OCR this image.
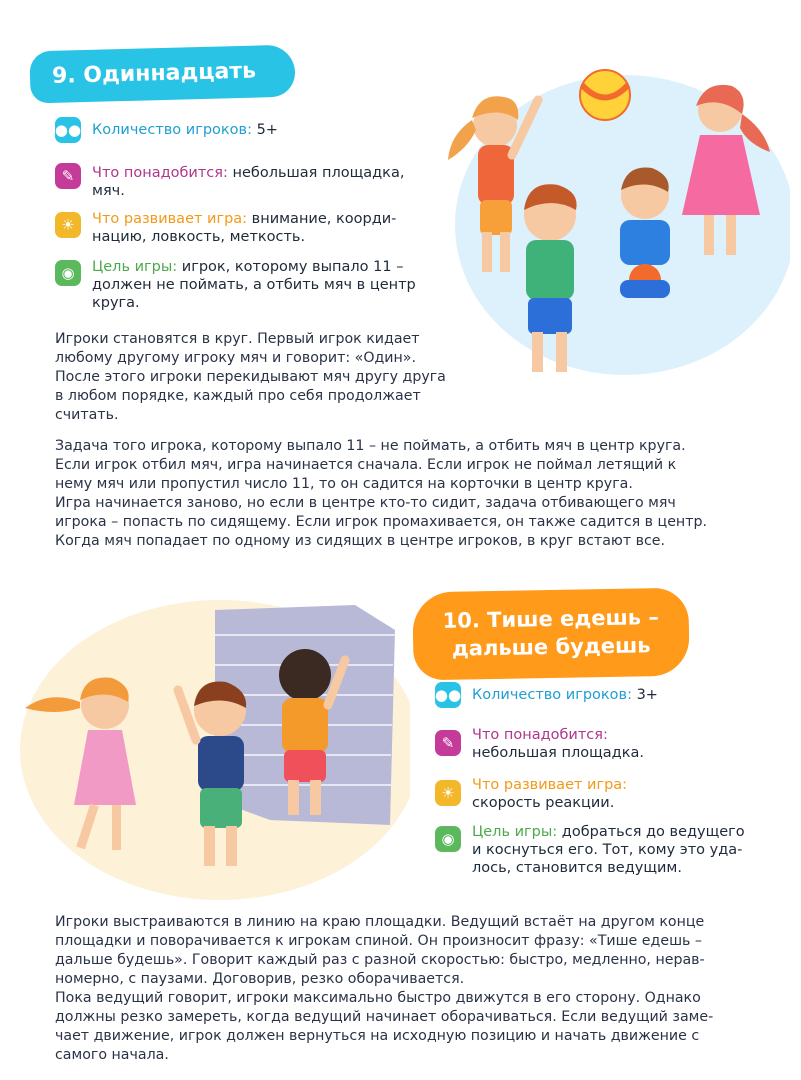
9. Одиннадцать
●● Количество игроков: 5+
✎	Что понадобится: небольшая площадка,
мяч.
☀	Что развивает игра: внимание, коорди-
нацию, ловкость, меткость.
◉	Цель игры: игрок, которому выпало 11 –
должен не поймать, а отбить мяч в центр
круга.

Игроки становятся в круг. Первый игрок кидает

любому другому игроку мяч и говорит: «Один».

После этого игроки перекидывают мяч другу друга

в любом порядке, каждый про себя продолжает

считать.

Задача того игрока, которому выпало 11 – не поймать, а отбить мяч в центр круга.

Если игрок отбил мяч, игра начинается сначала. Если игрок не поймал летящий к

нему мяч или пропустил число 11, то он садится на корточки в центр круга.

Игра начинается заново, но если в центре кто-то сидит, задача отбивающего мяч

игрока – попасть по сидящему. Если игрок промахивается, он также садится в центр.

Когда мяч попадает по одному из сидящих в центре игроков, в круг встают все.

10. Тише едешь –
дальше будешь
●● Количество игроков: 3+
✎	Что понадобится:
небольшая площадка.
☀	Что развивает игра:
скорость реакции.
◉	Цель игры: добраться до ведущего
и коснуться его. Тот, кому это уда-
лось, становится ведущим.

Игроки выстраиваются в линию на краю площадки. Ведущий встаёт на другом конце

площадки и поворачивается к игрокам спиной. Он произносит фразу: «Тише едешь –

дальше будешь». Говорит каждый раз с разной скоростью: быстро, медленно, нерав-

номерно, с паузами. Договорив, резко оборачивается.

Пока ведущий говорит, игроки максимально быстро движутся в его сторону. Однако

должны резко замереть, когда ведущий начинает оборачиваться. Если ведущий заме-

чает движение, игрок должен вернуться на исходную позицию и начать движение с

самого начала.
